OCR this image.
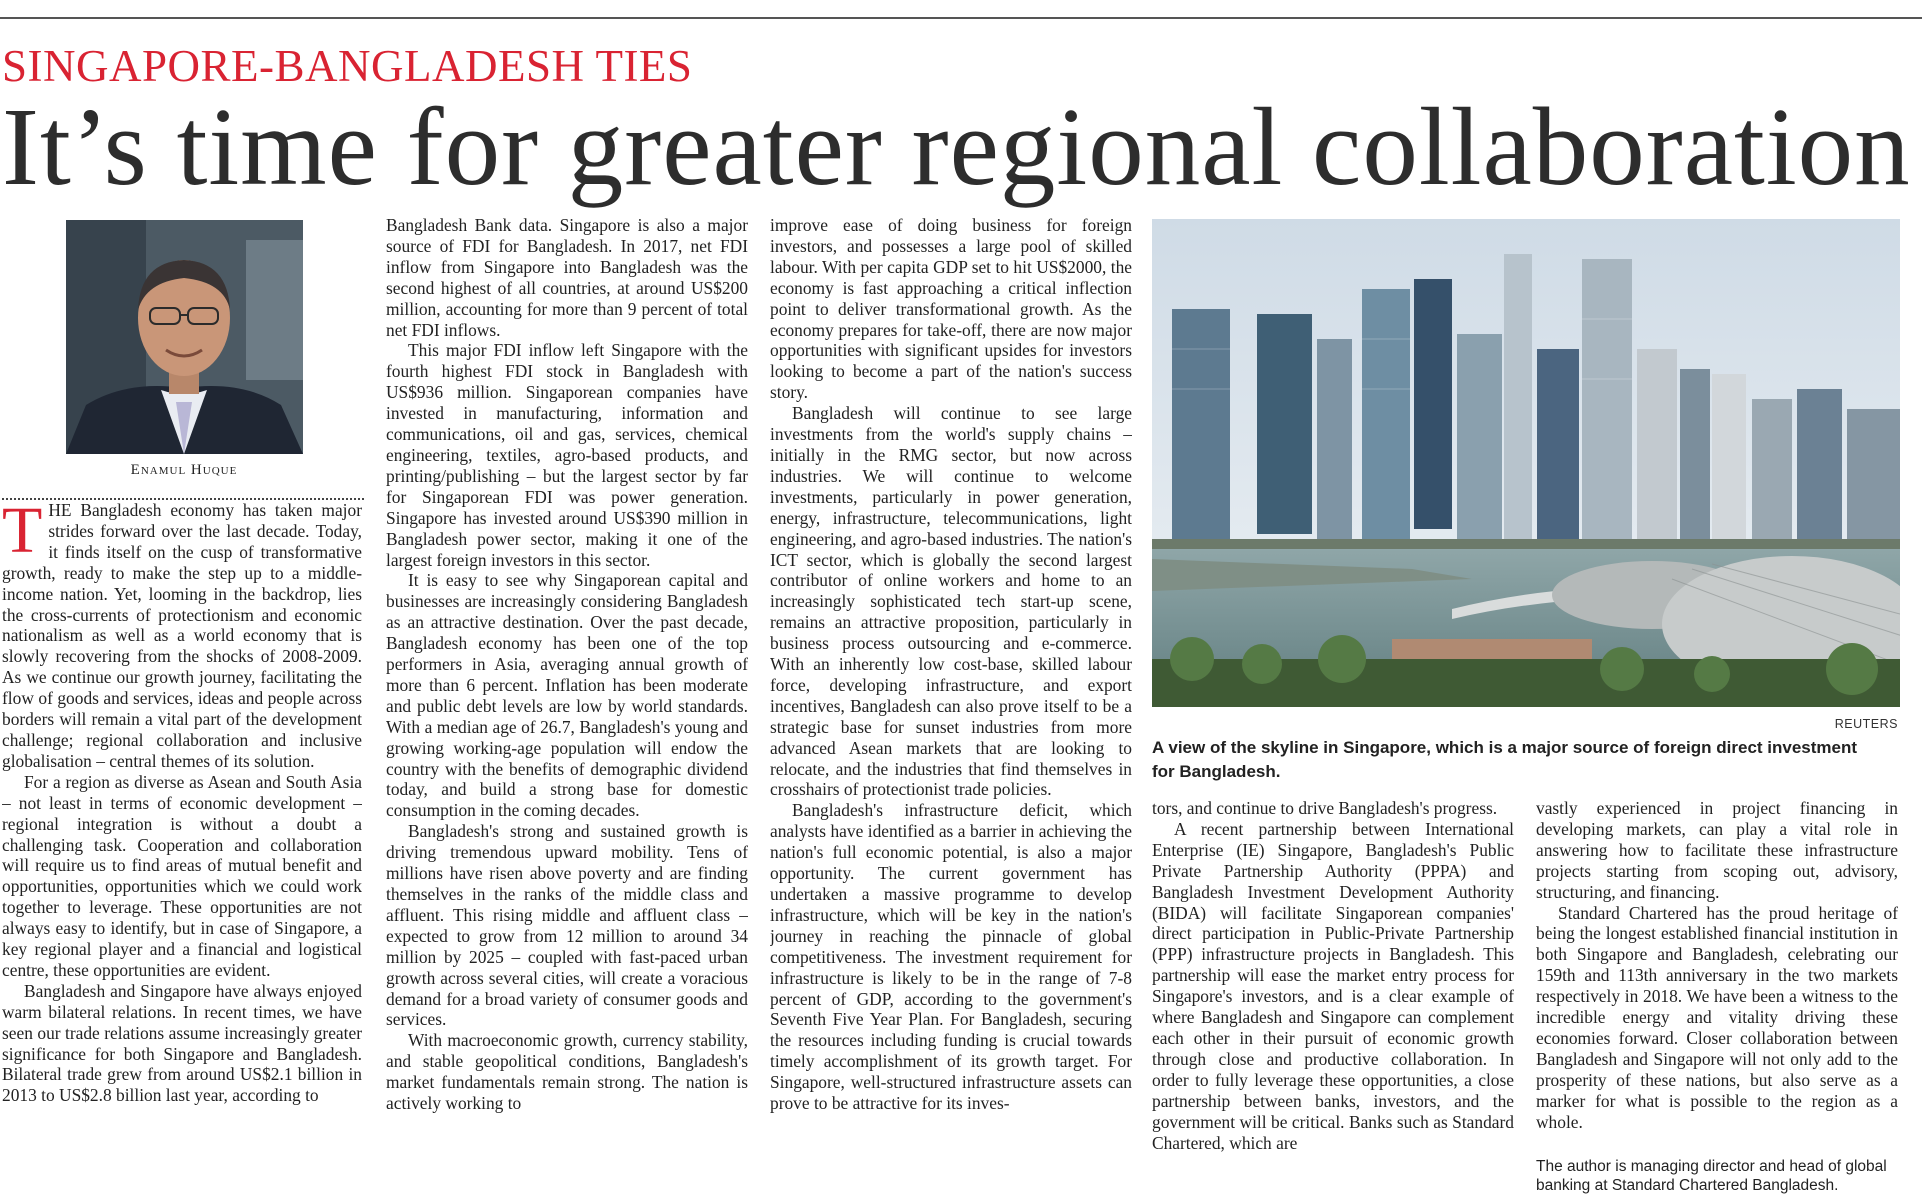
SINGAPORE-BANGLADESH TIES
It’s time for greater regional collaboration

Enamul Huque

THE Bangladesh economy has taken major strides forward over the last decade. Today, it finds itself on the cusp of transformative growth, ready to make the step up to a middle-income nation. Yet, looming in the backdrop, lies the cross-currents of protectionism and economic nationalism as well as a world economy that is slowly recovering from the shocks of 2008-2009. As we continue our growth journey, facilitating the flow of goods and services, ideas and people across borders will remain a vital part of the development challenge; regional collaboration and inclusive globalisation – central themes of its solution.

For a region as diverse as Asean and South Asia – not least in terms of economic development – regional integration is without a doubt a challenging task. Cooperation and collaboration will require us to find areas of mutual benefit and opportunities, opportunities which we could work together to leverage. These opportunities are not always easy to identify, but in case of Singapore, a key regional player and a financial and logistical centre, these opportunities are evident.

Bangladesh and Singapore have always enjoyed warm bilateral relations. In recent times, we have seen our trade relations assume increasingly greater significance for both Singapore and Bangladesh. Bilateral trade grew from around US$2.1 billion in 2013 to US$2.8 billion last year, according to

Bangladesh Bank data. Singapore is also a major source of FDI for Bangladesh. In 2017, net FDI inflow from Singapore into Bangladesh was the second highest of all countries, at around US$200 million, accounting for more than 9 percent of total net FDI inflows.

This major FDI inflow left Singapore with the fourth highest FDI stock in Bangladesh with US$936 million. Singaporean companies have invested in manufacturing, information and communications, oil and gas, services, chemical engineering, textiles, agro-based products, and printing/publishing – but the largest sector by far for Singaporean FDI was power generation. Singapore has invested around US$390 million in Bangladesh power sector, making it one of the largest foreign investors in this sector.

It is easy to see why Singaporean capital and businesses are increasingly considering Bangladesh as an attractive destination. Over the past decade, Bangladesh economy has been one of the top performers in Asia, averaging annual growth of more than 6 percent. Inflation has been moderate and public debt levels are low by world standards. With a median age of 26.7, Bangladesh's young and growing working-age population will endow the country with the benefits of demographic dividend today, and build a strong base for domestic consumption in the coming decades.

Bangladesh's strong and sustained growth is driving tremendous upward mobility. Tens of millions have risen above poverty and are finding themselves in the ranks of the middle class and affluent. This rising middle and affluent class – expected to grow from 12 million to around 34 million by 2025 – coupled with fast-paced urban growth across several cities, will create a voracious demand for a broad variety of consumer goods and services.

With macroeconomic growth, currency stability, and stable geopolitical conditions, Bangladesh's market fundamentals remain strong. The nation is actively working to

improve ease of doing business for foreign investors, and possesses a large pool of skilled labour. With per capita GDP set to hit US$2000, the economy is fast approaching a critical inflection point to deliver transformational growth. As the economy prepares for take-off, there are now major opportunities with significant upsides for investors looking to become a part of the nation's success story.

Bangladesh will continue to see large investments from the world's supply chains – initially in the RMG sector, but now across industries. We will continue to welcome investments, particularly in power generation, energy, infrastructure, telecommunications, light engineering, and agro-based industries. The nation's ICT sector, which is globally the second largest contributor of online workers and home to an increasingly sophisticated tech start-up scene, remains an attractive proposition, particularly in business process outsourcing and e-commerce. With an inherently low cost-base, skilled labour force, developing infrastructure, and export incentives, Bangladesh can also prove itself to be a strategic base for sunset industries from more advanced Asean markets that are looking to relocate, and the industries that find themselves in crosshairs of protectionist trade policies.

Bangladesh's infrastructure deficit, which analysts have identified as a barrier in achieving the nation's full economic potential, is also a major opportunity. The current government has undertaken a massive programme to develop infrastructure, which will be key in the nation's journey in reaching the pinnacle of global competitiveness. The investment requirement for infrastructure is likely to be in the range of 7-8 percent of GDP, according to the government's Seventh Five Year Plan. For Bangladesh, securing the resources including funding is crucial towards timely accomplishment of its growth target. For Singapore, well-structured infrastructure assets can prove to be attractive for its inves-

REUTERS

A view of the skyline in Singapore, which is a major source of foreign direct investment for Bangladesh.

tors, and continue to drive Bangladesh's progress.

A recent partnership between International Enterprise (IE) Singapore, Bangladesh's Public Private Partnership Authority (PPPA) and Bangladesh Investment Development Authority (BIDA) will facilitate Singaporean companies' direct participation in Public-Private Partnership (PPP) infrastructure projects in Bangladesh. This partnership will ease the market entry process for Singapore's investors, and is a clear example of where Bangladesh and Singapore can complement each other in their pursuit of economic growth through close and productive collaboration. In order to fully leverage these opportunities, a close partnership between banks, investors, and the government will be critical. Banks such as Standard Chartered, which are

vastly experienced in project financing in developing markets, can play a vital role in answering how to facilitate these infrastructure projects starting from scoping out, advisory, structuring, and financing.

Standard Chartered has the proud heritage of being the longest established financial institution in both Singapore and Bangladesh, celebrating our 159th and 113th anniversary in the two markets respectively in 2018. We have been a witness to the incredible energy and vitality driving these economies forward. Closer collaboration between Bangladesh and Singapore will not only add to the prosperity of these nations, but also serve as a marker for what is possible to the region as a whole.

The author is managing director and head of global banking at Standard Chartered Bangladesh.
